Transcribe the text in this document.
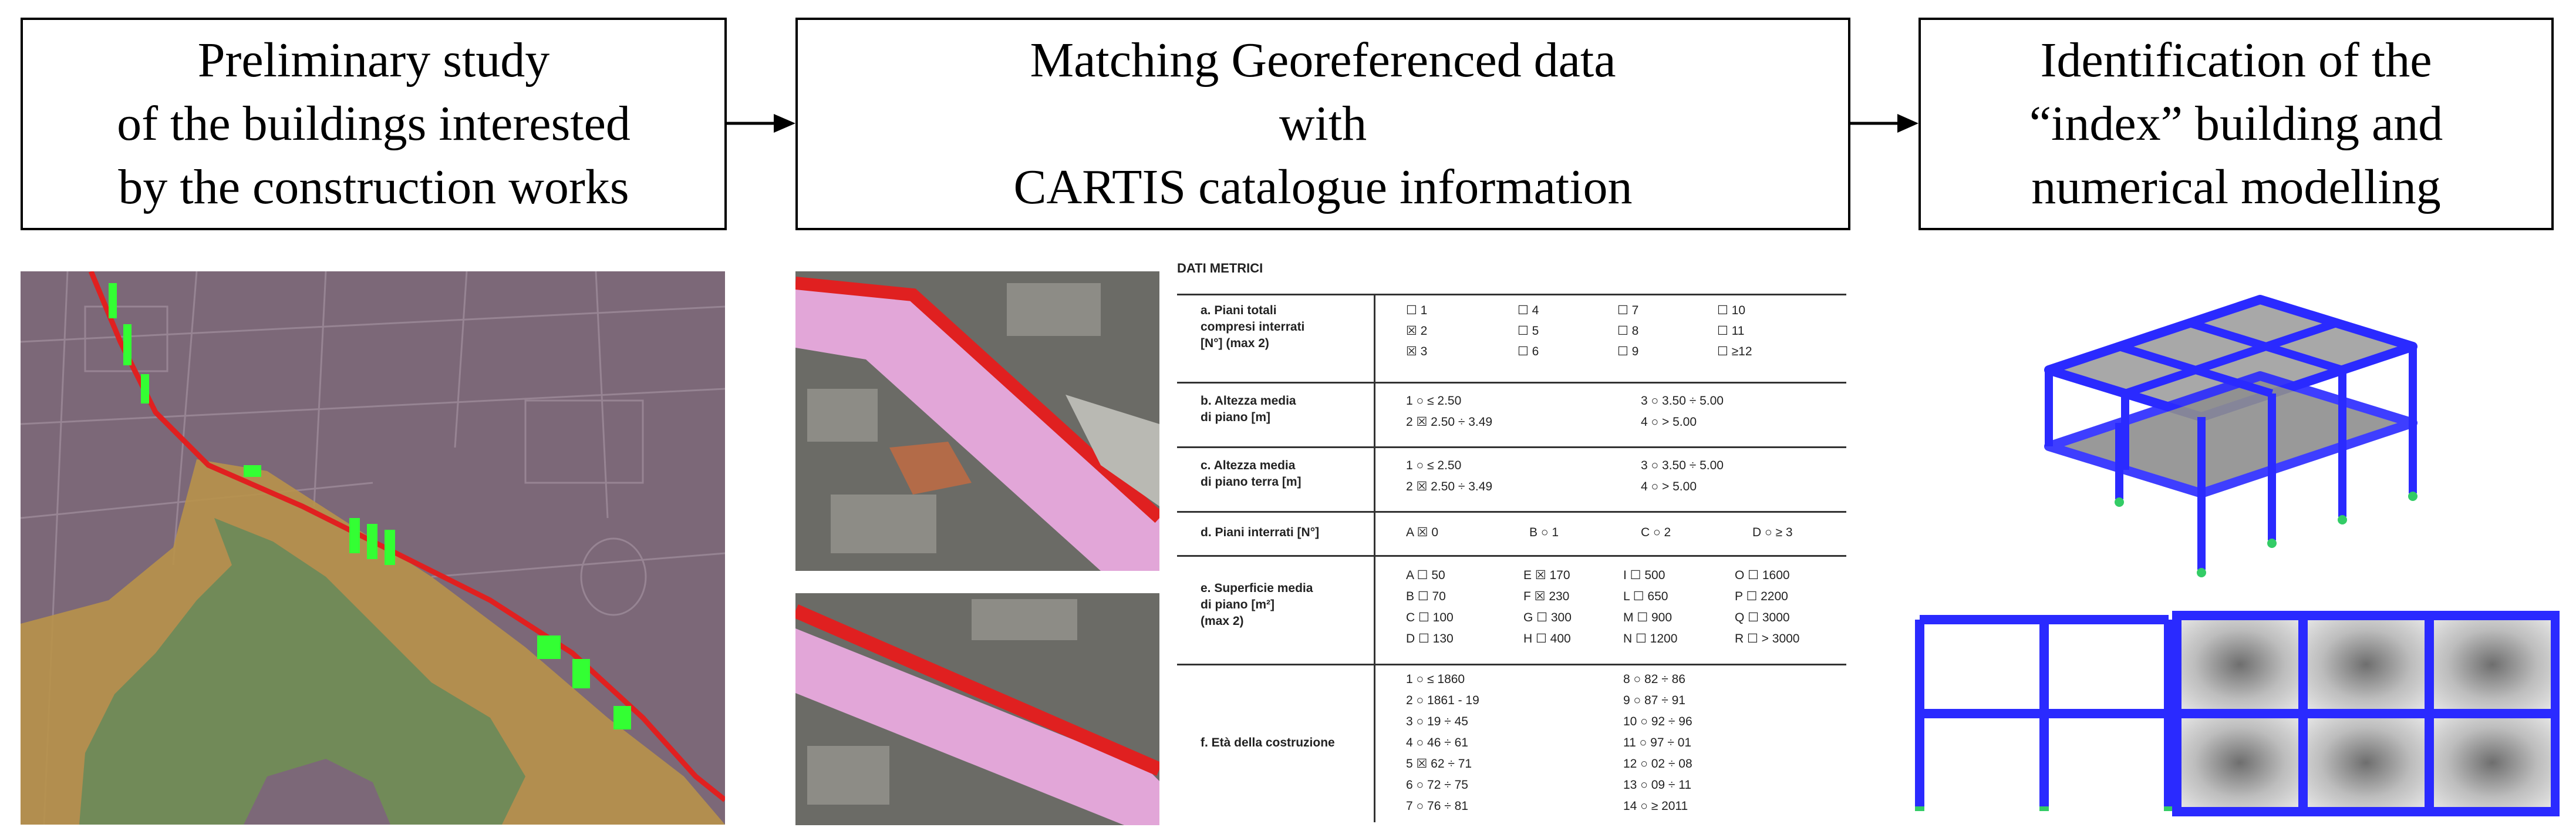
Preliminary study
of the buildings interested
by the construction works
Matching Georeferenced data
with
CARTIS catalogue information
Identification of the
“index” building and
numerical modelling
DATI METRICI
a. Piani totali
compresi interrati
[N°] (max 2)
☐ 1	☐ 4	☐ 7	☐ 10
☒ 2	☐ 5	☐ 8	☐ 11
☒ 3	☐ 6	☐ 9	☐ ≥12
b. Altezza media
di piano [m]
1 ○ ≤ 2.50	3 ○ 3.50 ÷ 5.00
2 ☒ 2.50 ÷ 3.49	4 ○ > 5.00
c. Altezza media
di piano terra [m]
1 ○ ≤ 2.50	3 ○ 3.50 ÷ 5.00
2 ☒ 2.50 ÷ 3.49	4 ○ > 5.00
d. Piani interrati [N°]	A ☒ 0	B ○ 1	C ○ 2	D ○ ≥ 3
e. Superficie media
di piano [m²]
(max 2)
A ☐ 50	E ☒ 170	I ☐ 500	O ☐ 1600
B ☐ 70	F ☒ 230	L ☐ 650	P ☐ 2200
C ☐ 100	G ☐ 300	M ☐ 900	Q ☐ 3000
D ☐ 130	H ☐ 400	N ☐ 1200	R ☐ > 3000
f. Età della costruzione
1 ○ ≤ 1860	8 ○ 82 ÷ 86
2 ○ 1861 - 19	9 ○ 87 ÷ 91
3 ○ 19 ÷ 45	10 ○ 92 ÷ 96
4 ○ 46 ÷ 61	11 ○ 97 ÷ 01
5 ☒ 62 ÷ 71	12 ○ 02 ÷ 08
6 ○ 72 ÷ 75	13 ○ 09 ÷ 11
7 ○ 76 ÷ 81	14 ○ ≥ 2011
